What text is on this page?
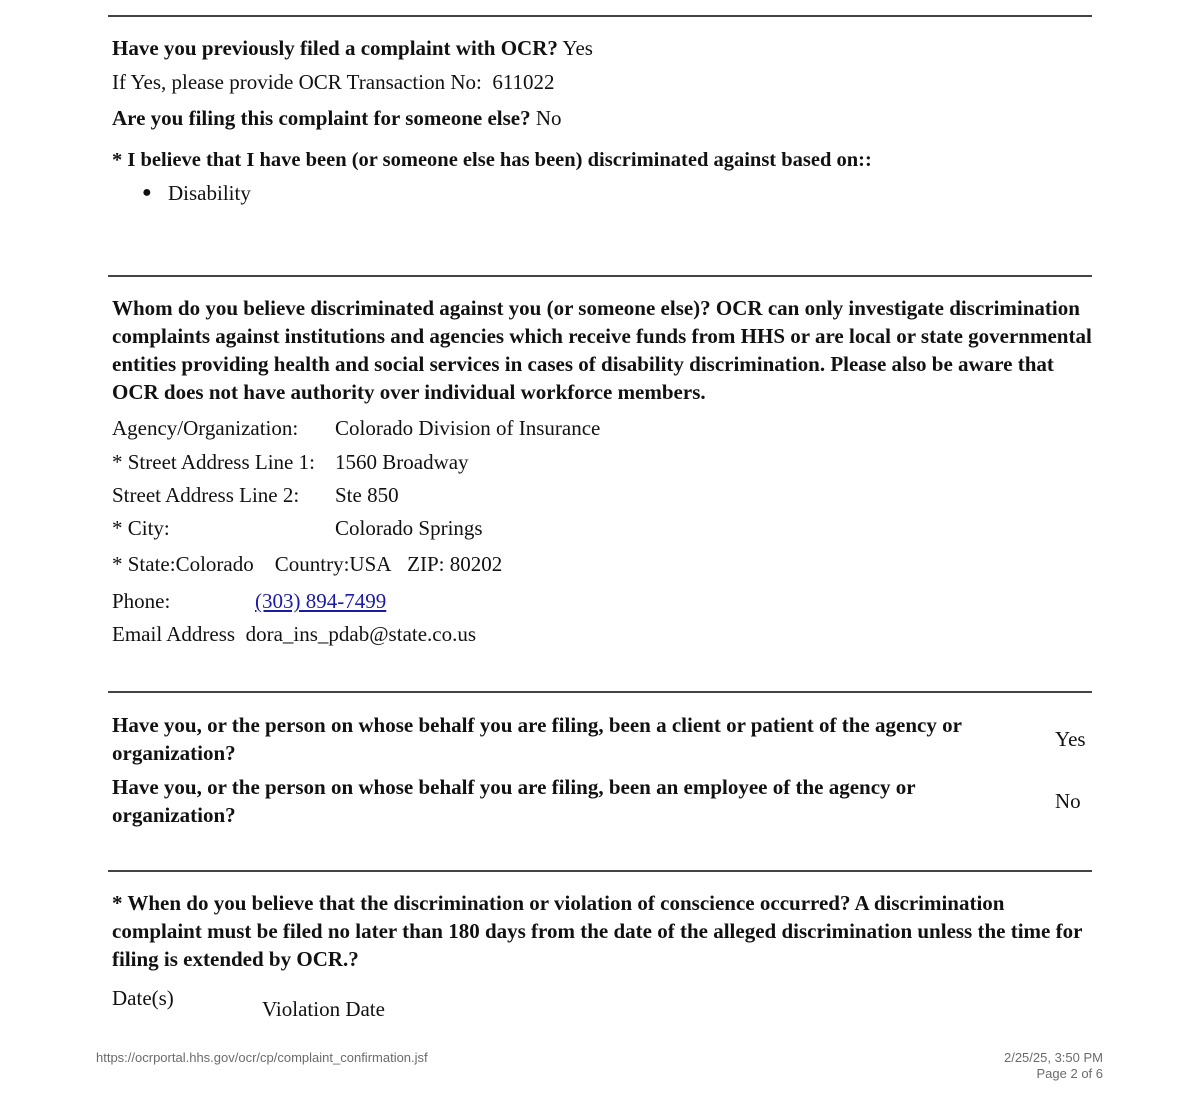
Have you previously filed a complaint with OCR? Yes
If Yes, please provide OCR Transaction No: 611022
Are you filing this complaint for someone else? No
* I believe that I have been (or someone else has been) discriminated against based on::
● Disability
Whom do you believe discriminated against you (or someone else)? OCR can only investigate discrimination complaints against institutions and agencies which receive funds from HHS or are local or state governmental entities providing health and social services in cases of disability discrimination. Please also be aware that OCR does not have authority over individual workforce members.
Agency/Organization: Colorado Division of Insurance
* Street Address Line 1: 1560 Broadway
Street Address Line 2: Ste 850
* City:	Colorado Springs
* State:Colorado Country:USA ZIP: 80202
Phone:	(303) 894-7499
Email Address dora_ins_pdab@state.co.us
Have you, or the person on whose behalf you are filing, been a client or patient of the agency or organization?
Yes
Have you, or the person on whose behalf you are filing, been an employee of the agency or organization?
No
* When do you believe that the discrimination or violation of conscience occurred? A discrimination complaint must be filed no later than 180 days from the date of the alleged discrimination unless the time for filing is extended by OCR.?
Date(s)	Violation Date
https://ocrportal.hhs.gov/ocr/cp/complaint_confirmation.jsf	2/25/25, 3:50 PM
Page 2 of 6
